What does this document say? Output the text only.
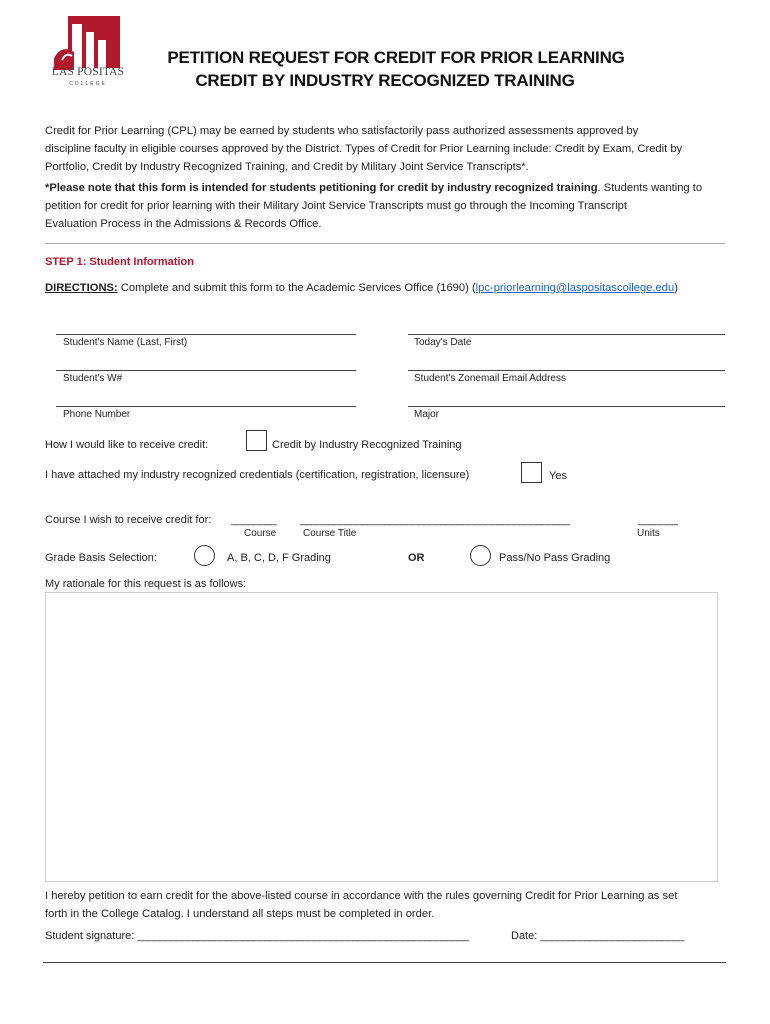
LAS POSITAS
COLLEGE
PETITION REQUEST FOR CREDIT FOR PRIOR LEARNING
CREDIT BY INDUSTRY RECOGNIZED TRAINING
Credit for Prior Learning (CPL) may be earned by students who satisfactorily pass authorized assessments approved by
discipline faculty in eligible courses approved by the District. Types of Credit for Prior Learning include: Credit by Exam, Credit by
Portfolio, Credit by Industry Recognized Training, and Credit by Military Joint Service Transcripts*.
*Please note that this form is intended for students petitioning for credit by industry recognized training. Students wanting to
petition for credit for prior learning with their Military Joint Service Transcripts must go through the Incoming Transcript
Evaluation Process in the Admissions & Records Office.
STEP 1: Student Information
DIRECTIONS: Complete and submit this form to the Academic Services Office (1690) (lpc-priorlearning@laspositascollege.edu)
Student's Name (Last, First)	Today's Date
Student's W#	Student's Zonemail Email Address
Phone Number	Major
How I would like to receive credit:	Credit by Industry Recognized Training
I have attached my industry recognized credentials (certification, registration, licensure)	Yes
Course I wish to receive credit for: ________ ________________________________________________	_______
Course	Course Title	Units
Grade Basis Selection:	A, B, C, D, F Grading	OR	Pass/No Pass Grading
My rationale for this request is as follows:
I hereby petition to earn credit for the above-listed course in accordance with the rules governing Credit for Prior Learning as set
forth in the College Catalog. I understand all steps must be completed in order.
Student signature: ____________________________________________________________	Date: __________________________
